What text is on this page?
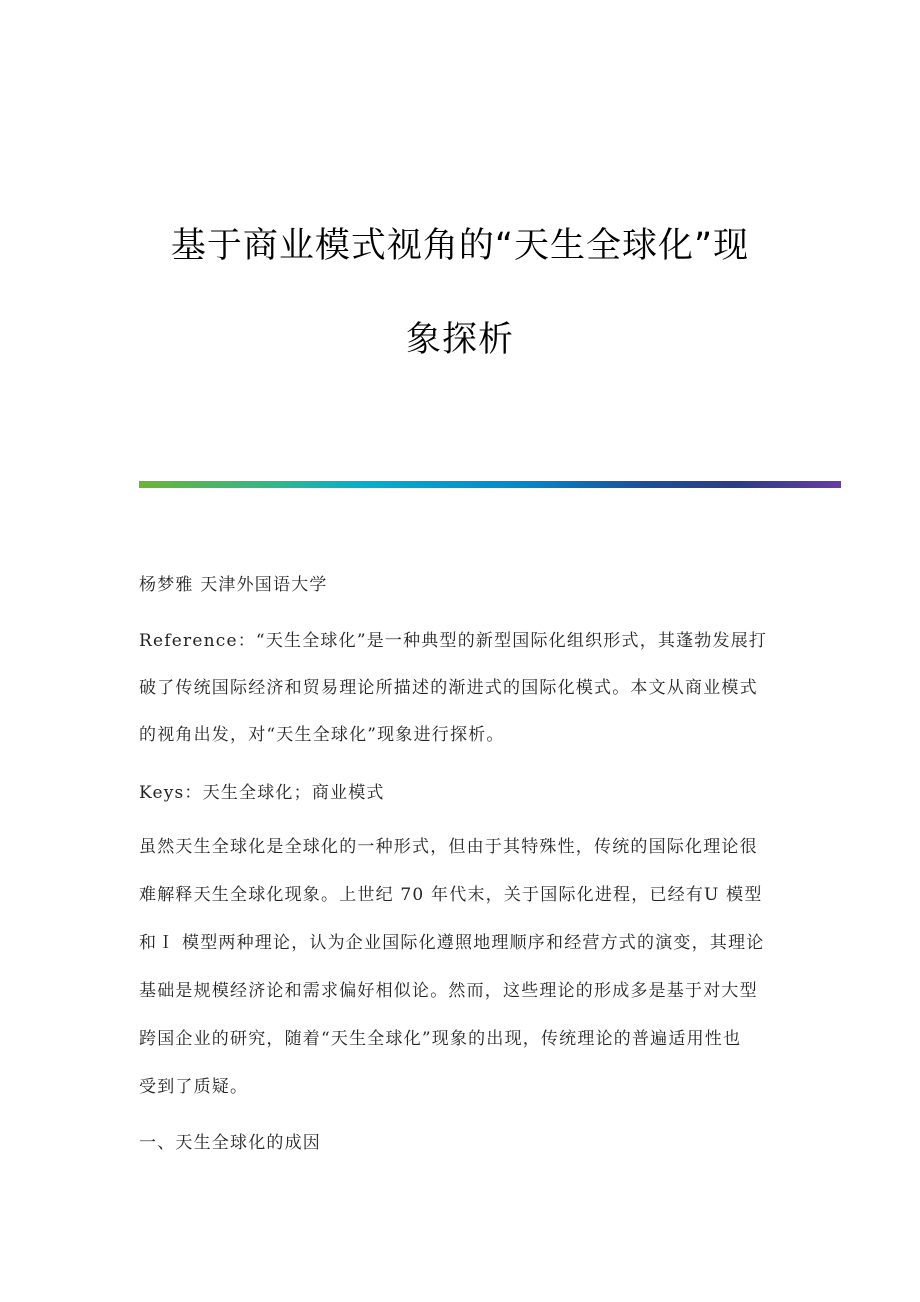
基于商业模式视角的“天生全球化”现
象探析
杨梦雅 天津外国语大学
Reference：“天生全球化”是一种典型的新型国际化组织形式，其蓬勃发展打
破了传统国际经济和贸易理论所描述的渐进式的国际化模式。本文从商业模式
的视角出发，对“天生全球化”现象进行探析。
Keys：天生全球化；商业模式
虽然天生全球化是全球化的一种形式，但由于其特殊性，传统的国际化理论很
难解释天生全球化现象。上世纪 70 年代末，关于国际化进程，已经有U 模型
和Ｉ 模型两种理论，认为企业国际化遵照地理顺序和经营方式的演变，其理论
基础是规模经济论和需求偏好相似论。然而，这些理论的形成多是基于对大型
跨国企业的研究，随着“天生全球化”现象的出现，传统理论的普遍适用性也
受到了质疑。
一、天生全球化的成因
